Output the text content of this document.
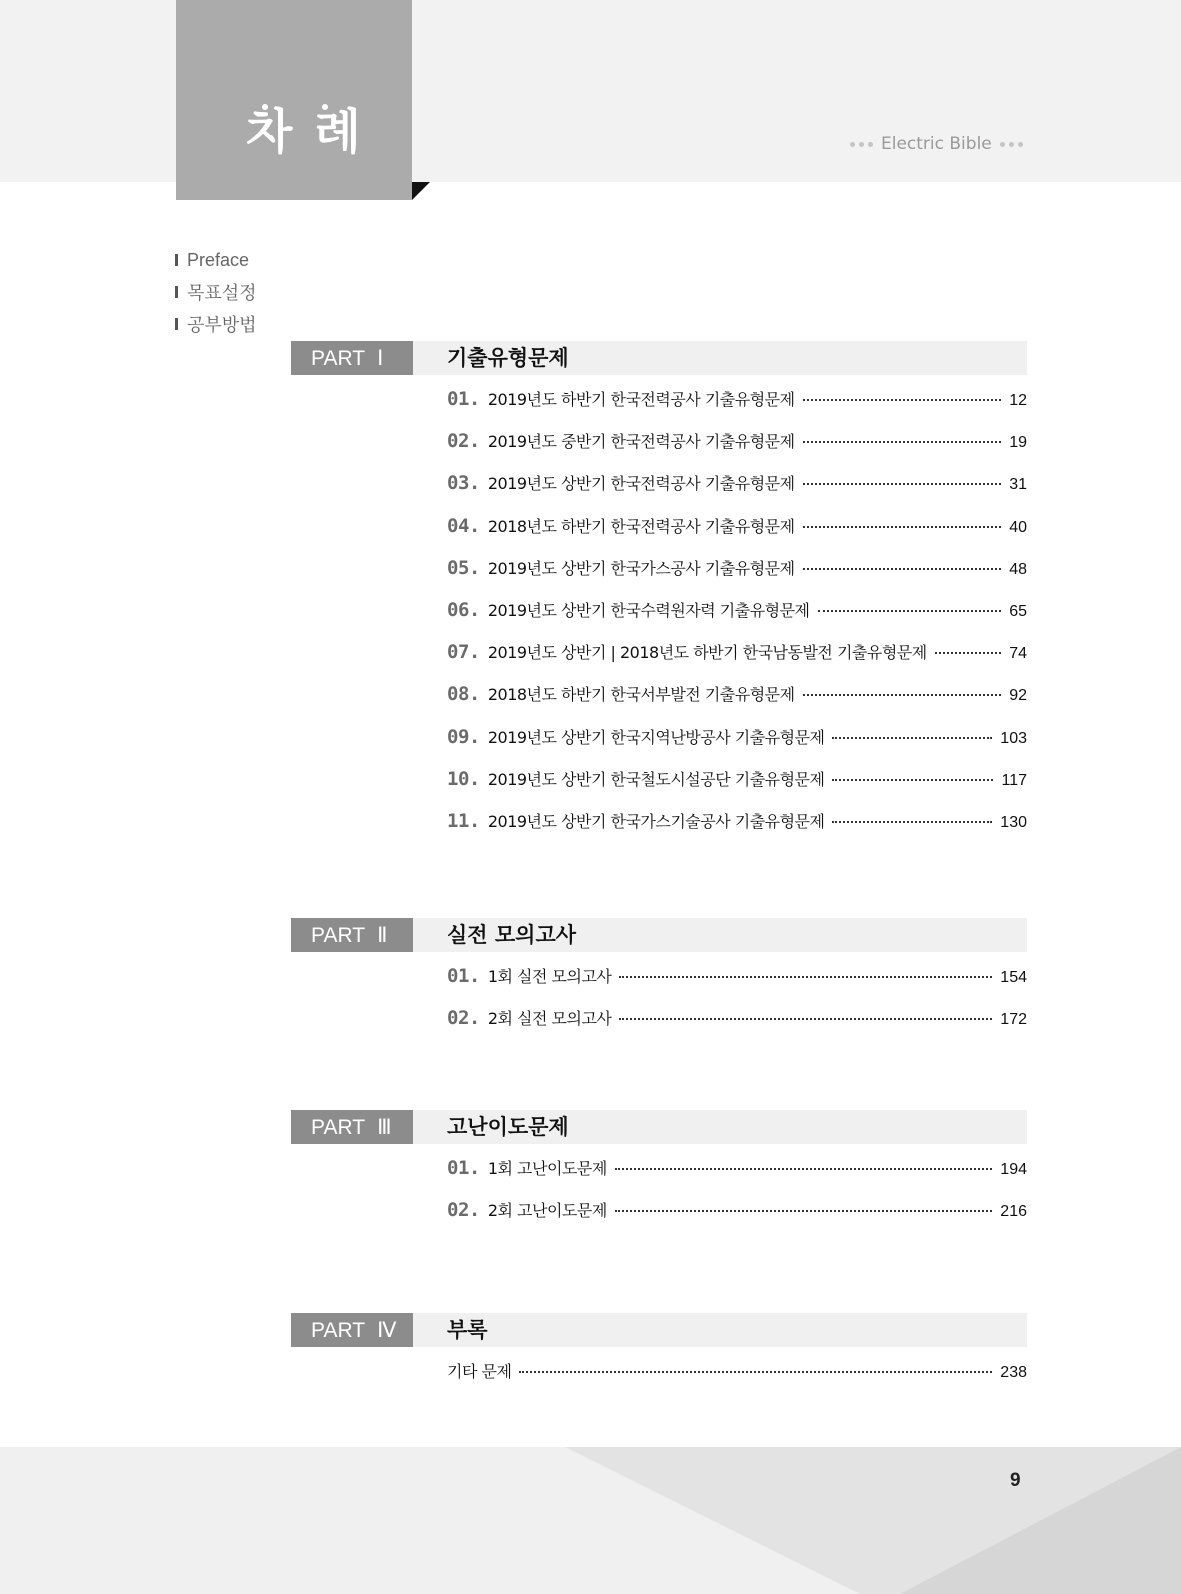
차례	Electric Bible
Preface
목표설정
공부방법
PART Ⅰ	기출유형문제
01. 2019년도 하반기 한국전력공사 기출유형문제	12
02. 2019년도 중반기 한국전력공사 기출유형문제	19
03. 2019년도 상반기 한국전력공사 기출유형문제	31
04. 2018년도 하반기 한국전력공사 기출유형문제	40
05. 2019년도 상반기 한국가스공사 기출유형문제	48
06. 2019년도 상반기 한국수력원자력 기출유형문제	65
07. 2019년도 상반기 | 2018년도 하반기 한국남동발전 기출유형문제	74
08. 2018년도 하반기 한국서부발전 기출유형문제	92
09. 2019년도 상반기 한국지역난방공사 기출유형문제	103
10. 2019년도 상반기 한국철도시설공단 기출유형문제	117
11. 2019년도 상반기 한국가스기술공사 기출유형문제	130
PART Ⅱ	실전 모의고사
01. 1회 실전 모의고사	154
02. 2회 실전 모의고사	172
PART Ⅲ	고난이도문제
01. 1회 고난이도문제	194
02. 2회 고난이도문제	216
PART Ⅳ	부록
기타 문제	238
9
